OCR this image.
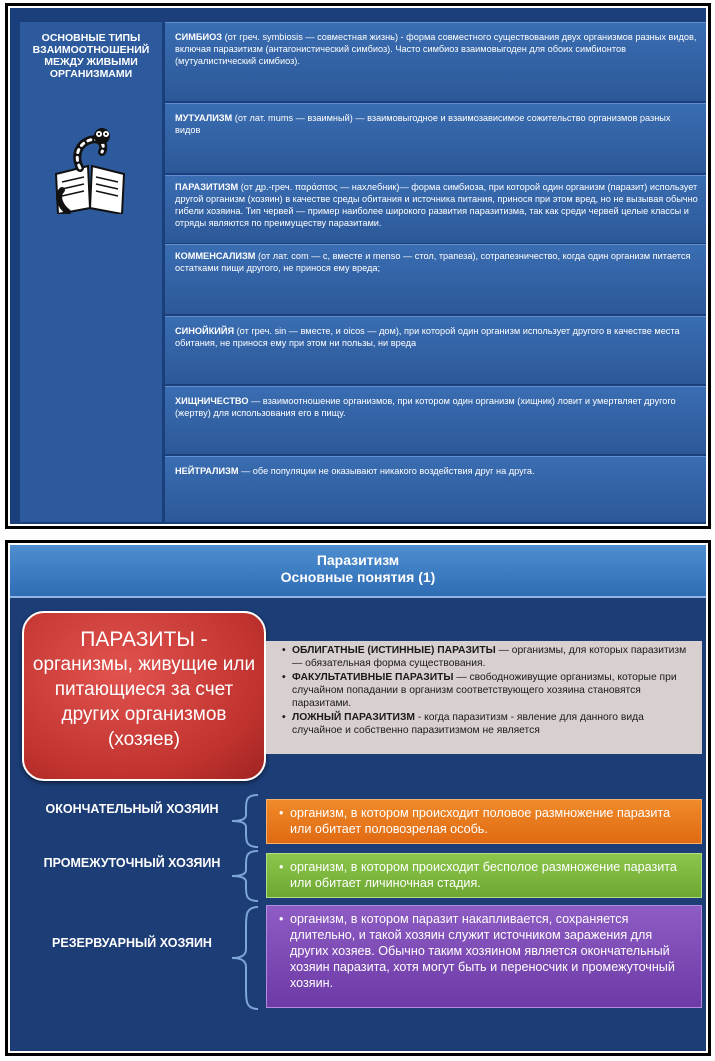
ОСНОВНЫЕ ТИПЫ ВЗАИМООТНОШЕНИЙ МЕЖДУ ЖИВЫМИ ОРГАНИЗМАМИ
СИМБИОЗ (от греч. symbiosis — совместная жизнь) - форма совместного существования двух организмов разных видов, включая паразитизм (антагонистический симбиоз). Часто симбиоз взаимовыгоден для обоих симбионтов (мутуалистический симбиоз).
МУТУАЛИЗМ (от лат. mums — взаимный) — взаимовыгодное и взаимозависимое сожительство организмов разных видов
ПАРАЗИТИЗМ (от др.-греч. παράσιτος — нахлебник)— форма симбиоза, при которой один организм (паразит) использует другой организм (хозяин) в качестве среды обитания и источника питания, принося при этом вред, но не вызывая обычно гибели хозяина. Тип червей — пример наиболее широкого развития паразитизма, так как среди червей целые классы и отряды являются по преимуществу паразитами.
КОММЕНСАЛИЗМ (от лат. com — с, вместе и menso — стол, трапеза), сотрапезничество, когда один организм питается остатками пищи другого, не принося ему вреда;
СИНОЙКИЙЯ (от греч. sin — вместе, и oicos — дом), при которой один организм использует другого в качестве места обитания, не принося ему при этом ни пользы, ни вреда
ХИЩНИЧЕСТВО — взаимоотношение организмов, при котором один организм (хищник) ловит и умертвляет другого (жертву) для использования его в пищу.
НЕЙТРАЛИЗМ — обе популяции не оказывают никакого воздействия друг на друга.
Паразитизм
Основные понятия (1)
ПАРАЗИТЫ -
организмы, живущие или питающиеся за счет других организмов (хозяев)
• ОБЛИГАТНЫЕ (ИСТИННЫЕ) ПАРАЗИТЫ — организмы, для которых паразитизм — обязательная форма существования.
• ФАКУЛЬТАТИВНЫЕ ПАРАЗИТЫ — свободноживущие организмы, которые при случайном попадании в организм соответствующего хозяина становятся паразитами.
• ЛОЖНЫЙ ПАРАЗИТИЗМ - когда паразитизм - явление для данного вида случайное и собственно паразитизмом не является
ОКОНЧАТЕЛЬНЫЙ ХОЗЯИН	• организм, в котором происходит половое размножение паразита или обитает половозрелая особь.
ПРОМЕЖУТОЧНЫЙ ХОЗЯИН	• организм, в котором происходит бесполое размножение паразита или обитает личиночная стадия.
РЕЗЕРВУАРНЫЙ ХОЗЯИН
• организм, в котором паразит накапливается, сохраняется длительно, и такой хозяин служит источником заражения для других хозяев. Обычно таким хозяином является окончательный хозяин паразита, хотя могут быть и переносчик и промежуточный хозяин.
